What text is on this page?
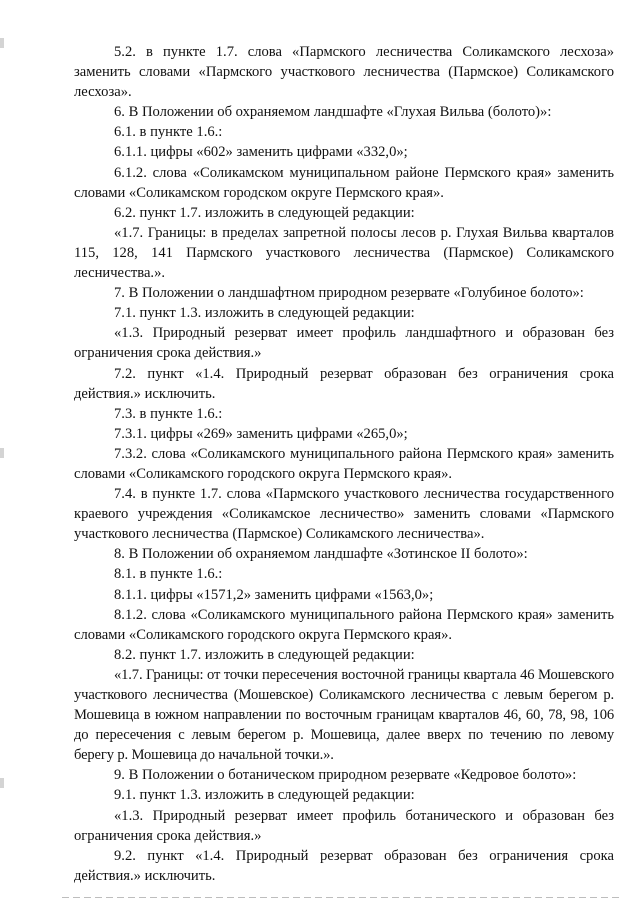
5.2. в пункте 1.7. слова «Пармского лесничества Соликамского лесхоза» заменить словами «Пармского участкового лесничества (Пармское) Соликамского лесхоза».

6. В Положении об охраняемом ландшафте «Глухая Вильва (болото)»:

6.1. в пункте 1.6.:

6.1.1. цифры «602» заменить цифрами «332,0»;

6.1.2. слова «Соликамском муниципальном районе Пермского края» заменить словами «Соликамском городском округе Пермского края».

6.2. пункт 1.7. изложить в следующей редакции:

«1.7. Границы: в пределах запретной полосы лесов р. Глухая Вильва кварталов 115, 128, 141 Пармского участкового лесничества (Пармское) Соликамского лесничества.».

7. В Положении о ландшафтном природном резервате «Голубиное болото»:

7.1. пункт 1.3. изложить в следующей редакции:

«1.3. Природный резерват имеет профиль ландшафтного и образован без ограничения срока действия.»

7.2. пункт «1.4. Природный резерват образован без ограничения срока действия.» исключить.

7.3. в пункте 1.6.:

7.3.1. цифры «269» заменить цифрами «265,0»;

7.3.2. слова «Соликамского муниципального района Пермского края» заменить словами «Соликамского городского округа Пермского края».

7.4. в пункте 1.7. слова «Пармского участкового лесничества государственного краевого учреждения «Соликамское лесничество» заменить словами «Пармского участкового лесничества (Пармское) Соликамского лесничества».

8. В Положении об охраняемом ландшафте «Зотинское II болото»:

8.1. в пункте 1.6.:

8.1.1. цифры «1571,2» заменить цифрами «1563,0»;

8.1.2. слова «Соликамского муниципального района Пермского края» заменить словами «Соликамского городского округа Пермского края».

8.2. пункт 1.7. изложить в следующей редакции:

«1.7. Границы: от точки пересечения восточной границы квартала 46 Мошевского участкового лесничества (Мошевское) Соликамского лесничества с левым берегом р. Мошевица в южном направлении по восточным границам кварталов 46, 60, 78, 98, 106 до пересечения с левым берегом р. Мошевица, далее вверх по течению по левому берегу р. Мошевица до начальной точки.».

9. В Положении о ботаническом природном резервате «Кедровое болото»:

9.1. пункт 1.3. изложить в следующей редакции:

«1.3. Природный резерват имеет профиль ботанического и образован без ограничения срока действия.»

9.2. пункт «1.4. Природный резерват образован без ограничения срока действия.» исключить.
